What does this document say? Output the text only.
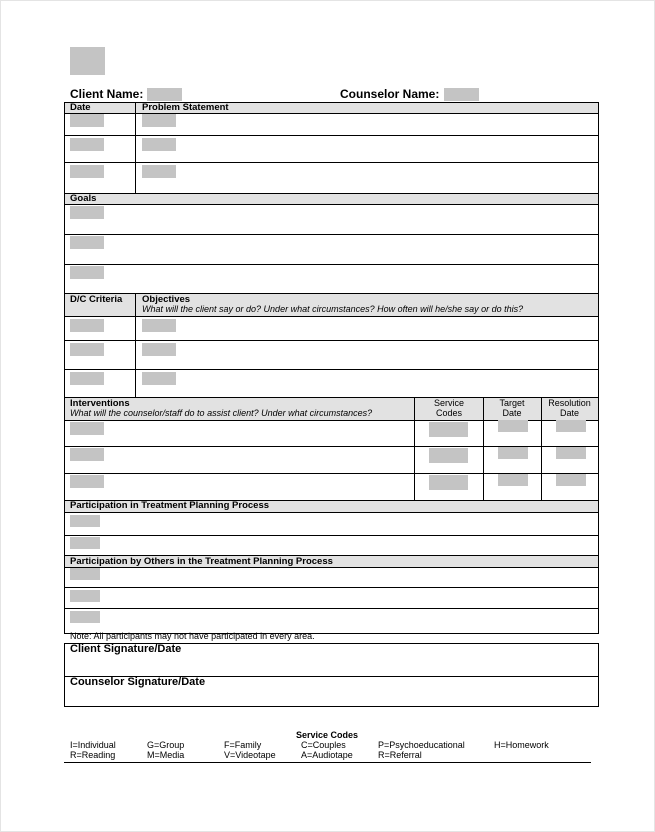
Client Name:	Counselor Name:
Date	Problem Statement
Goals
D/C Criteria Objectives
What will the client say or do? Under what circumstances? How often will he/she say or do this?
Interventions
What will the counselor/staff do to assist client? Under what circumstances?
Service
Codes
Target
Date
Resolution
Date
Participation in Treatment Planning Process
Participation by Others in the Treatment Planning Process
Note: All participants may not have participated in every area.
Client Signature/Date
Counselor Signature/Date
Service Codes
I=Individual
R=Reading
G=Group
M=Media
F=Family
V=Videotape
C=Couples
A=Audiotape
P=Psychoeducational
R=Referral
H=Homework
